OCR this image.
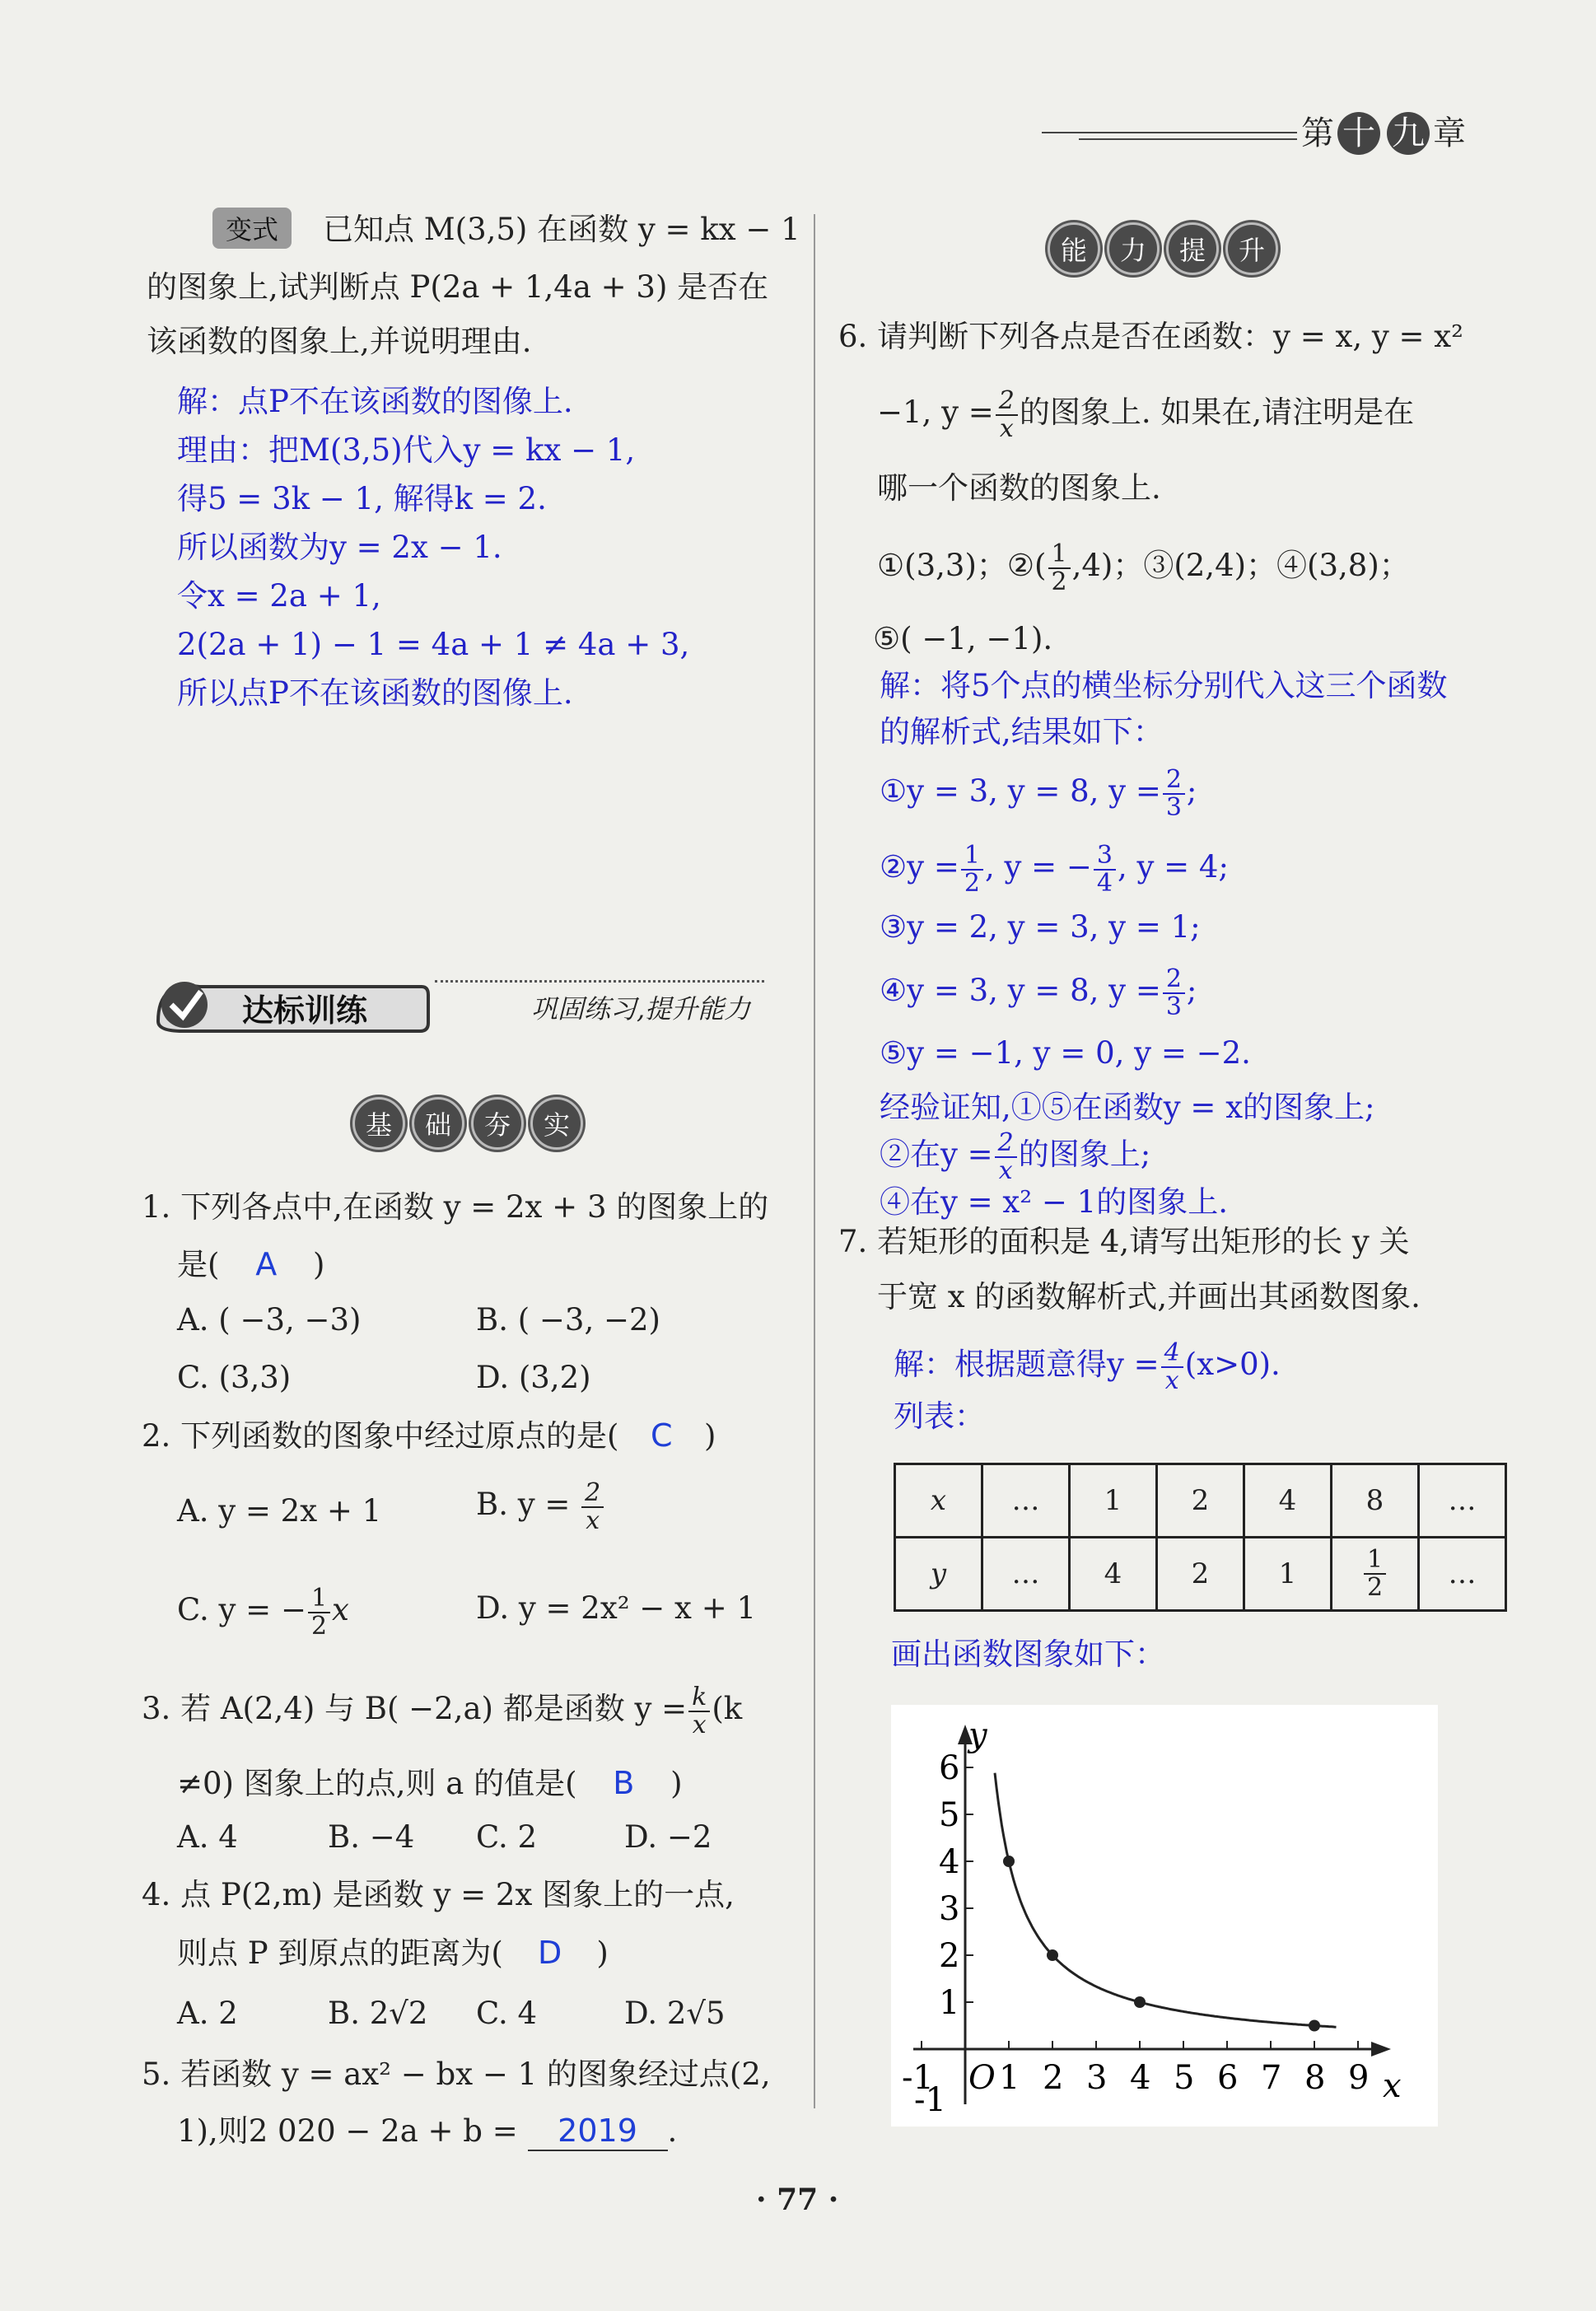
第 十 九 章
变式	已知点 M(3,5) 在函数 y = kx − 1
的图象上,试判断点 P(2a + 1,4a + 3) 是否在
该函数的图象上,并说明理由.
解：点P不在该函数的图像上.
理由：把M(3,5)代入y = kx − 1,
得5 = 3k − 1, 解得k = 2.
所以函数为y = 2x − 1.
令x = 2a + 1,
2(2a + 1) − 1 = 4a + 1 ≠ 4a + 3,
所以点P不在该函数的图像上.
达标训练	巩固练习,提升能力
基	础	夯	实
1. 下列各点中,在函数 y = 2x + 3 的图象上的
是( A )
A. ( −3, −3)	B. ( −3, −2)
C. (3,3)	D. (3,2)
2. 下列函数的图象中经过原点的是( C )
A. y = 2x + 1	B. $y = \frac{2}{x}$
C. y = − $\frac{1}{2}$ x	D. y = 2x² − x + 1
3. 若 A(2,4) 与 B( −2,a) 都是函数 $y = \frac{k}{x} (k$
≠0) 图象上的点,则 a 的值是( B )
A. 4	B. −4 C. 2	D. −2
4. 点 P(2,m) 是函数 y = 2x 图象上的一点,
则点 P 到原点的距离为( D )
A. 2	B. 2√2 C. 4	D. 2√5
5. 若函数 y = ax² − bx − 1 的图象经过点(2,
1),则2 020 − 2a + b = 2019 .
能	力	提	升
6. 请判断下列各点是否在函数：y = x, y = x²
−1, $y = \frac{2}{x}$ 的图象上. 如果在,请注明是在
哪一个函数的图象上.
①(3,3)；②( $\frac{1}{2} ,4$)；③(2,4)；④(3,8)；
⑤( −1, −1).
解：将5个点的横坐标分别代入这三个函数
的解析式,结果如下：
①y = 3, y = 8, $y = \frac{2}{3}$ ;
②y = $\frac{1}{2}$ , y = − $\frac{3}{4}$ , y = 4;
③y = 2, y = 3, y = 1;
④y = 3, y = 8, $y = \frac{2}{3}$ ;
⑤y = −1, y = 0, y = −2.
经验证知,①⑤在函数y = x的图象上;
②在$y = \frac{2}{x}$ 的图象上;
④在y = x² − 1的图象上.
7. 若矩形的面积是 4,请写出矩形的长 y 关
于宽 x 的函数解析式,并画出其函数图象.
解：根据题意得$y = \frac{4}{x} (x>0)$.
列表：
x	…	1	2	4	8	…
y	…	4	2	1	$\frac{1}{2}$	…
画出函数图象如下：
x
y
-1 O 1 2 3 4 5 6 7 8 9
1
2
3
4
5
6
-1
· 77 ·
